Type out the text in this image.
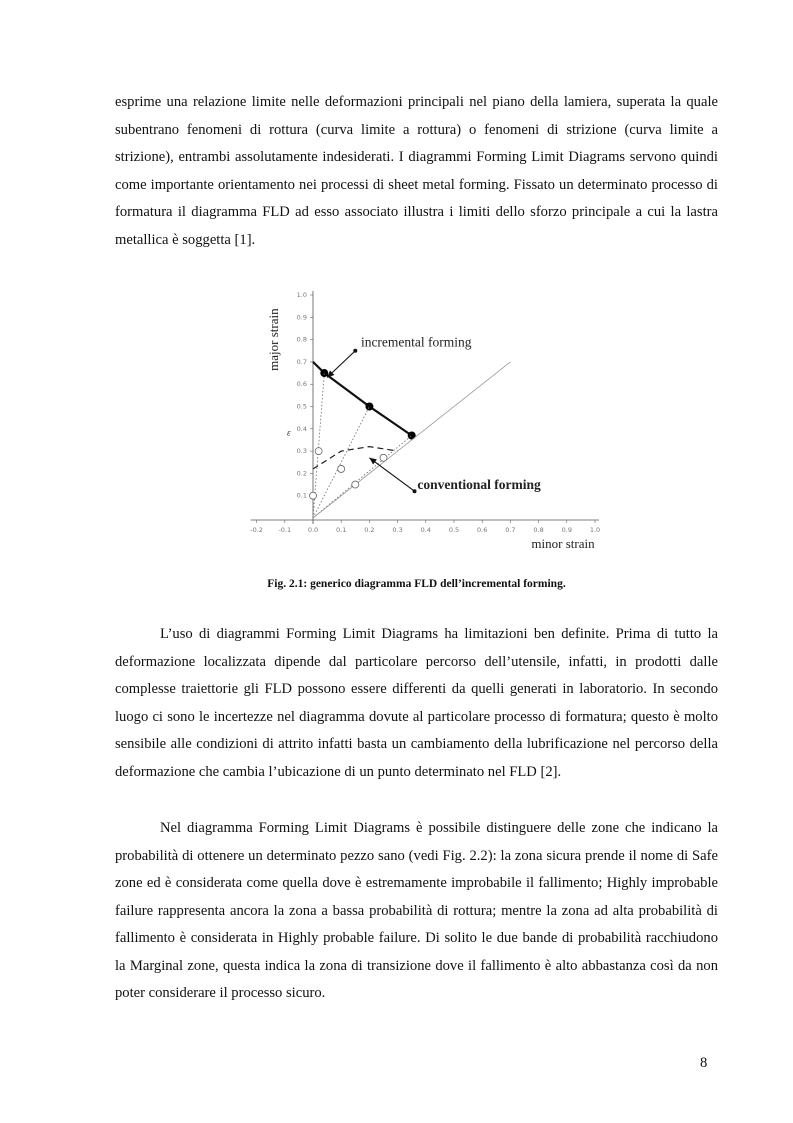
esprime una relazione limite nelle deformazioni principali nel piano della lamiera, superata la quale subentrano fenomeni di rottura (curva limite a rottura) o fenomeni di strizione (curva limite a strizione), entrambi assolutamente indesiderati. I diagrammi Forming Limit Diagrams servono quindi come importante orientamento nei processi di sheet metal forming. Fissato un determinato processo di formatura il diagramma FLD ad esso associato illustra i limiti dello sforzo principale a cui la lastra metallica è soggetta [1].

-0.2 -0.1	0.0	0.1	0.2	0.3	0.4	0.5	0.6	0.7	0.8	0.9	1.0
0.1
0.2
0.3
0.4
0.5
0.6
0.7
0.8
0.9
1.0
ε
major strain
minor strain
incremental forming
conventional forming

Fig. 2.1: generico diagramma FLD dell’incremental forming.

L’uso di diagrammi Forming Limit Diagrams ha limitazioni ben definite. Prima di tutto la deformazione localizzata dipende dal particolare percorso dell’utensile, infatti, in prodotti dalle complesse traiettorie gli FLD possono essere differenti da quelli generati in laboratorio. In secondo luogo ci sono le incertezze nel diagramma dovute al particolare processo di formatura; questo è molto sensibile alle condizioni di attrito infatti basta un cambiamento della lubrificazione nel percorso della deformazione che cambia l’ubicazione di un punto determinato nel FLD [2].

Nel diagramma Forming Limit Diagrams è possibile distinguere delle zone che indicano la probabilità di ottenere un determinato pezzo sano (vedi Fig. 2.2): la zona sicura prende il nome di Safe zone ed è considerata come quella dove è estremamente improbabile il fallimento; Highly improbable failure rappresenta ancora la zona a bassa probabilità di rottura; mentre la zona ad alta probabilità di fallimento è considerata in Highly probable failure. Di solito le due bande di probabilità racchiudono la Marginal zone, questa indica la zona di transizione dove il fallimento è alto abbastanza così da non poter considerare il processo sicuro.

8
